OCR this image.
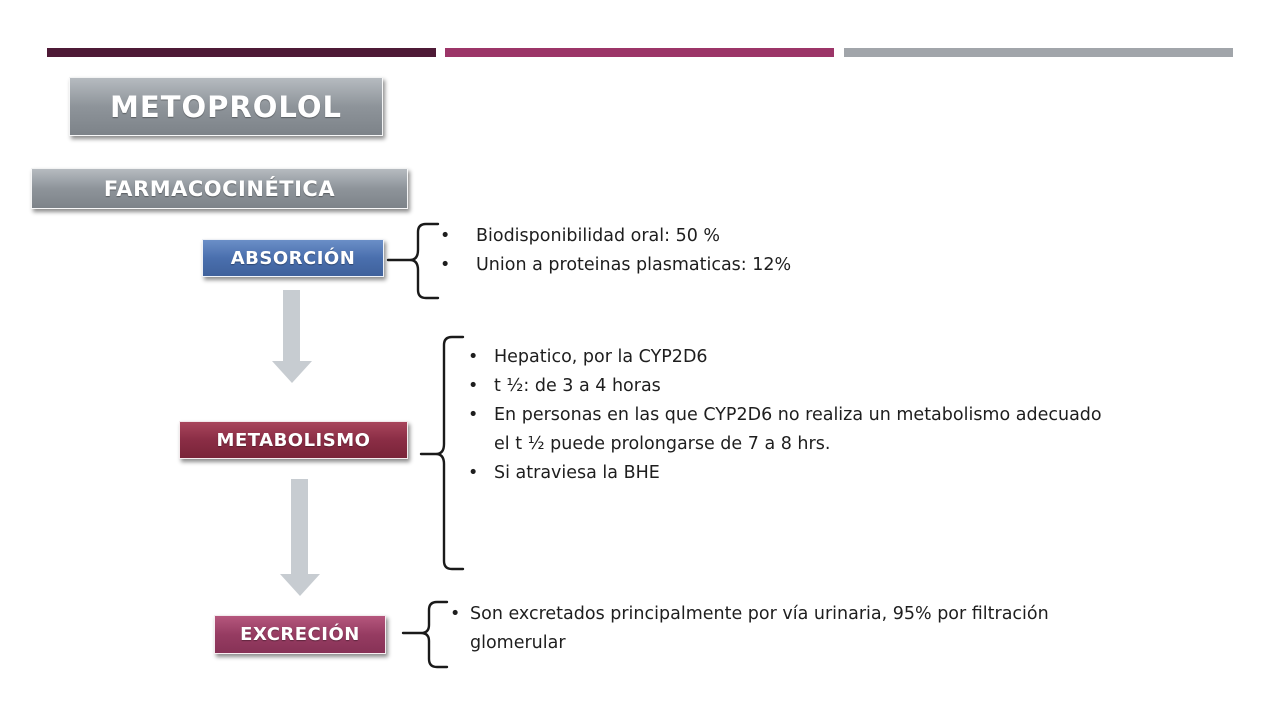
METOPROLOL
FARMACOCINÉTICA
ABSORCIÓN
METABOLISMO
EXCRECIÓN
• Biodisponibilidad oral: 50 %
• Union a proteinas plasmaticas: 12%
• Hepatico, por la CYP2D6
• t ½: de 3 a 4 horas
• En personas en las que CYP2D6 no realiza un metabolismo adecuado el t ½ puede prolongarse de 7 a 8 hrs.
• Si atraviesa la BHE
• Son excretados principalmente por vía urinaria, 95% por filtración glomerular
